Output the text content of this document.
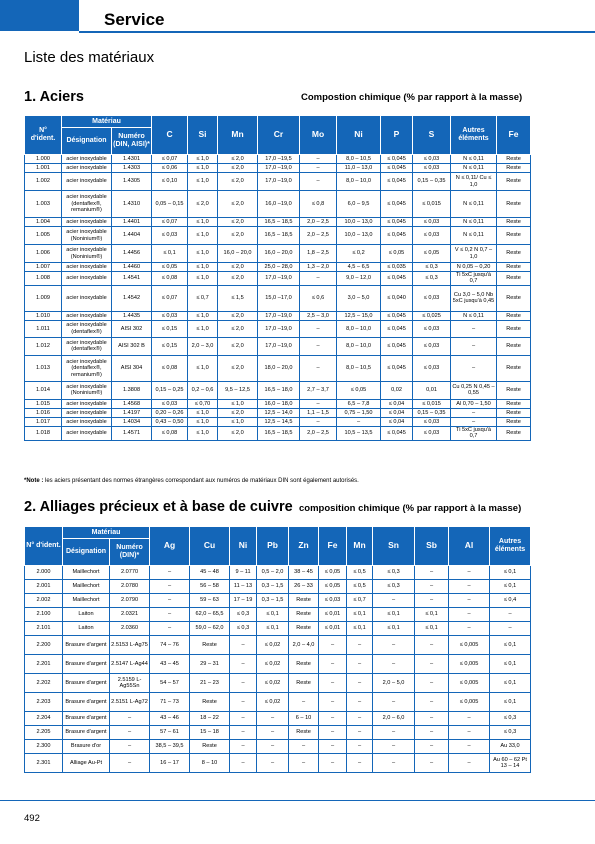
Service
Liste des matériaux
1. Aciers	Compostion chimique (% par rapport à la masse)
N° d'ident.	Matériau		C	Si	Mn	Cr	Mo	Ni	P	S	Autres éléments	Fe
	Désignation	Numéro (DIN, AISI)*										
1.000	acier inoxydable	1.4301	≤ 0,07	≤ 1,0	≤ 2,0	17,0 –19,5	–	8,0 – 10,5	≤ 0,045	≤ 0,03	N ≤ 0,11	Reste
1.001	acier inoxydable	1.4303	≤ 0,06	≤ 1,0	≤ 2,0	17,0 –19,0	–	11,0 – 13,0	≤ 0,045	≤ 0,03	N ≤ 0,11	Reste
1.002	acier inoxydable	1.4305	≤ 0,10	≤ 1,0	≤ 2,0	17,0 –19,0	–	8,0 – 10,0	≤ 0,045	0,15 – 0,35	N ≤ 0,11/ Cu ≤ 1,0	Reste
1.003	acier inoxydable (dentaflex®, remanium®)	1.4310	0,05 – 0,15	≤ 2,0	≤ 2,0	16,0 –19,0	≤ 0,8	6,0 – 9,5	≤ 0,045	≤ 0,015	N ≤ 0,11	Reste
1.004	acier inoxydable	1.4401	≤ 0,07	≤ 1,0	≤ 2,0	16,5 – 18,5	2,0 – 2,5	10,0 – 13,0	≤ 0,045	≤ 0,03	N ≤ 0,11	Reste
1.005	acier inoxydable (Noninium®)	1.4404	≤ 0,03	≤ 1,0	≤ 2,0	16,5 – 18,5	2,0 – 2,5	10,0 – 13,0	≤ 0,045	≤ 0,03	N ≤ 0,11	Reste
1.006	acier inoxydable (Noninium®)	1.4456	≤ 0,1	≤ 1,0	16,0 – 20,0	16,0 – 20,0	1,8 – 2,5	≤ 0,2	≤ 0,05	≤ 0,05	V ≤ 0,2 N 0,7 – 1,0	Reste
1.007	acier inoxydable	1.4460	≤ 0,05	≤ 1,0	≤ 2,0	25,0 – 28,0	1,3 – 2,0	4,5 – 6,5	≤ 0,035	≤ 0,3	N 0,05 – 0,20	Reste
1.008	acier inoxydable	1.4541	≤ 0,08	≤ 1,0	≤ 2,0	17,0 –19,0	–	9,0 – 12,0	≤ 0,045	≤ 0,3	Ti 5xC jusqu'à 0,7	Reste
1.009	acier inoxydable	1.4542	≤ 0,07	≤ 0,7	≤ 1,5	15,0 –17,0	≤ 0,6	3,0 – 5,0	≤ 0,040	≤ 0,03	Cu 3,0 – 5,0 Nb 5xC jusqu'à 0,45	Reste
1.010	acier inoxydable	1.4435	≤ 0,03	≤ 1,0	≤ 2,0	17,0 –19,0	2,5 – 3,0	12,5 – 15,0	≤ 0,045	≤ 0,025	N ≤ 0,11	Reste
1.011	acier inoxydable (dentaflex®)	AISI 302	≤ 0,15	≤ 1,0	≤ 2,0	17,0 –19,0	–	8,0 – 10,0	≤ 0,045	≤ 0,03	–	Reste
1.012	acier inoxydable (dentaflex®)	AISI 302 B	≤ 0,15	2,0 – 3,0	≤ 2,0	17,0 –19,0	–	8,0 – 10,0	≤ 0,045	≤ 0,03	–	Reste
1.013	acier inoxydable (dentaflex®, remanium®)	AISI 304	≤ 0,08	≤ 1,0	≤ 2,0	18,0 – 20,0	–	8,0 – 10,5	≤ 0,045	≤ 0,03	–	Reste
1.014	acier inoxydable (Noninium®)	1.3808	0,15 – 0,25	0,2 – 0,6	9,5 – 12,5	16,5 – 18,0	2,7 – 3,7	≤ 0,05	0,02	0,01	Cu 0,25 N 0,45 – 0,55	Reste
1.015	acier inoxydable	1.4568	≤ 0,03	≤ 0,70	≤ 1,0	16,0 – 18,0	–	6,5 – 7,8	≤ 0,04	≤ 0,015	Al 0,70 – 1,50	Reste
1.016	acier inoxydable	1.4197	0,20 – 0,26	≤ 1,0	≤ 2,0	12,5 – 14,0	1,1 – 1,5	0,75 – 1,50	≤ 0,04	0,15 – 0,35	–	Reste
1.017	acier inoxydable	1.4034	0,43 – 0,50	≤ 1,0	≤ 1,0	12,5 – 14,5	–	–	≤ 0,04	≤ 0,03	–	Reste
1.018	acier inoxydable	1.4571	≤ 0,08	≤ 1,0	≤ 2,0	16,5 – 18,5	2,0 – 2,5	10,5 – 13,5	≤ 0,045	≤ 0,03	Ti 5xC jusqu'à 0,7	Reste
*Note : les aciers présentant des normes étrangères correspondant aux numéros de matériaux DIN sont également autorisés.
2. Alliages précieux et à base de cuivre composition chimique (% par rapport à la masse)
N° d'ident.	Matériau		Ag	Cu	Ni	Pb	Zn	Fe	Mn	Sn	Sb	Al	Autres éléments
	Désignation	Numéro (DIN)*											
2.000	Maillechort	2.0770	–	45 – 48	9 – 11	0,5 – 2,0	38 – 45	≤ 0,05	≤ 0,5	≤ 0,3	–	–	≤ 0,1
2.001	Maillechort	2.0780	–	56 – 58	11 – 13	0,3 – 1,5	26 – 33	≤ 0,05	≤ 0,5	≤ 0,3	–	–	≤ 0,1
2.002	Maillechort	2.0790	–	59 – 63	17 – 19	0,3 – 1,5	Reste	≤ 0,03	≤ 0,7	–	–	–	≤ 0,4
2.100	Laiton	2.0321	–	62,0 – 65,5	≤ 0,3	≤ 0,1	Reste	≤ 0,01	≤ 0,1	≤ 0,1	≤ 0,1	–	–
2.101	Laiton	2.0360	–	59,0 – 62,0	≤ 0,3	≤ 0,1	Reste	≤ 0,01	≤ 0,1	≤ 0,1	≤ 0,1	–	–
2.200	Brasure d'argent	2.5153 L-Ag75	74 – 76	Reste	–	≤ 0,02	2,0 – 4,0	–	–	–	–	≤ 0,005	≤ 0,1
2.201	Brasure d'argent	2.5147 L-Ag44	43 – 45	29 – 31	–	≤ 0,02	Reste	–	–	–	–	≤ 0,005	≤ 0,1
2.202	Brasure d'argent	2.5159 L-Ag55Sn	54 – 57	21 – 23	–	≤ 0,02	Reste	–	–	2,0 – 5,0	–	≤ 0,005	≤ 0,1
2.203	Brasure d'argent	2.5151 L-Ag72	71 – 73	Reste	–	≤ 0,02	–	–	–	–	–	≤ 0,005	≤ 0,1
2.204	Brasure d'argent	–	43 – 46	18 – 22	–	–	6 – 10	–	–	2,0 – 6,0	–	–	≤ 0,3
2.205	Brasure d'argent	–	57 – 61	15 – 18	–	–	Reste	–	–	–	–	–	≤ 0,3
2.300	Brasure d'or	–	38,5 – 39,5	Reste	–	–	–	–	–	–	–	–	Au 33,0
2.301	Alliage Au-Pt	–	16 – 17	8 – 10	–	–	–	–	–	–	–	–	Au 60 – 62 Pt 13 – 14
492
